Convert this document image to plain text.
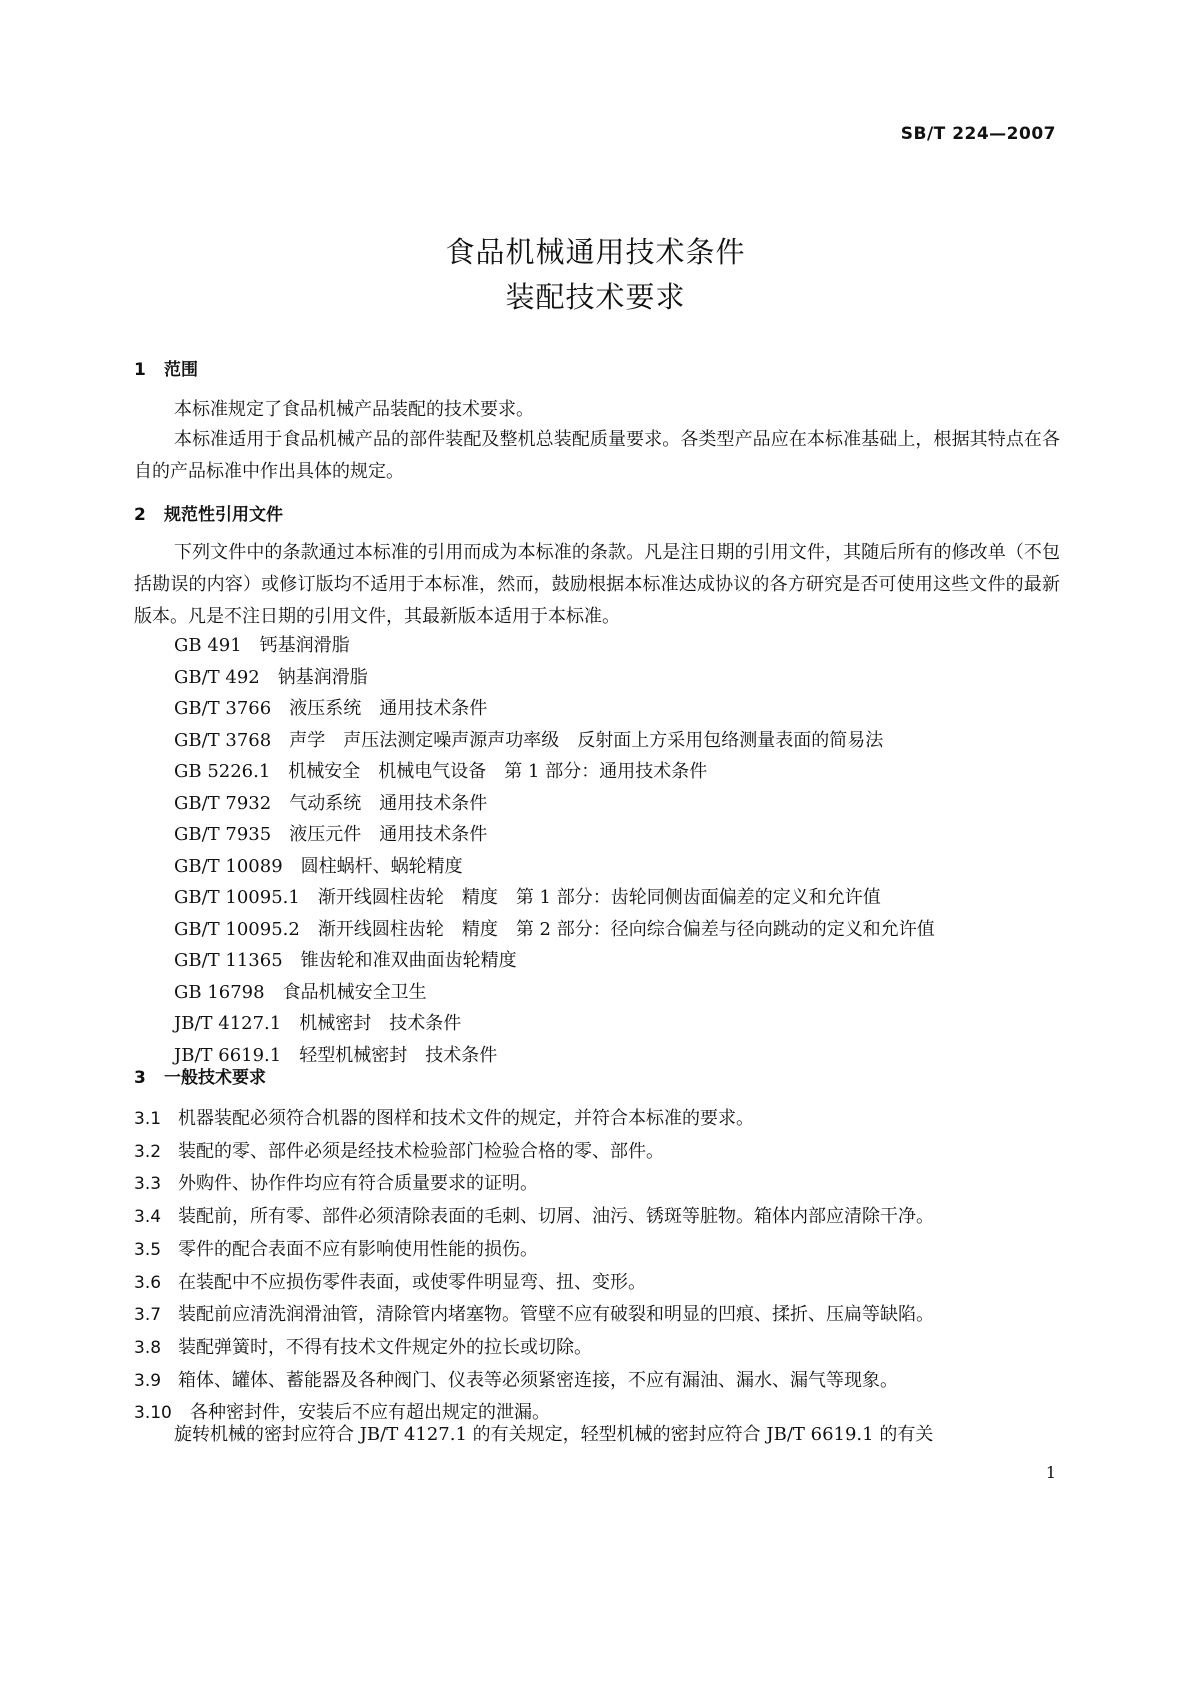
SB/T 224—2007
食品机械通用技术条件
装配技术要求
1 范围
本标准规定了食品机械产品装配的技术要求。
本标准适用于食品机械产品的部件装配及整机总装配质量要求。各类型产品应在本标准基础上，根据其特点在各自的产品标准中作出具体的规定。
2 规范性引用文件
下列文件中的条款通过本标准的引用而成为本标准的条款。凡是注日期的引用文件，其随后所有的修改单（不包括勘误的内容）或修订版均不适用于本标准，然而，鼓励根据本标准达成协议的各方研究是否可使用这些文件的最新版本。凡是不注日期的引用文件，其最新版本适用于本标准。
GB 491　钙基润滑脂
GB/T 492　钠基润滑脂
GB/T 3766　液压系统　通用技术条件
GB/T 3768　声学　声压法测定噪声源声功率级　反射面上方采用包络测量表面的简易法
GB 5226.1　机械安全　机械电气设备　第 1 部分：通用技术条件
GB/T 7932　气动系统　通用技术条件
GB/T 7935　液压元件　通用技术条件
GB/T 10089　圆柱蜗杆、蜗轮精度
GB/T 10095.1　渐开线圆柱齿轮　精度　第 1 部分：齿轮同侧齿面偏差的定义和允许值
GB/T 10095.2　渐开线圆柱齿轮　精度　第 2 部分：径向综合偏差与径向跳动的定义和允许值
GB/T 11365　锥齿轮和准双曲面齿轮精度
GB 16798　食品机械安全卫生
JB/T 4127.1　机械密封　技术条件
JB/T 6619.1　轻型机械密封　技术条件
3 一般技术要求
3.1 机器装配必须符合机器的图样和技术文件的规定，并符合本标准的要求。
3.2 装配的零、部件必须是经技术检验部门检验合格的零、部件。
3.3 外购件、协作件均应有符合质量要求的证明。
3.4 装配前，所有零、部件必须清除表面的毛刺、切屑、油污、锈斑等脏物。箱体内部应清除干净。
3.5 零件的配合表面不应有影响使用性能的损伤。
3.6 在装配中不应损伤零件表面，或使零件明显弯、扭、变形。
3.7 装配前应清洗润滑油管，清除管内堵塞物。管壁不应有破裂和明显的凹痕、揉折、压扁等缺陷。
3.8 装配弹簧时，不得有技术文件规定外的拉长或切除。
3.9 箱体、罐体、蓄能器及各种阀门、仪表等必须紧密连接，不应有漏油、漏水、漏气等现象。
3.10 各种密封件，安装后不应有超出规定的泄漏。
旋转机械的密封应符合 JB/T 4127.1 的有关规定，轻型机械的密封应符合 JB/T 6619.1 的有关
1
